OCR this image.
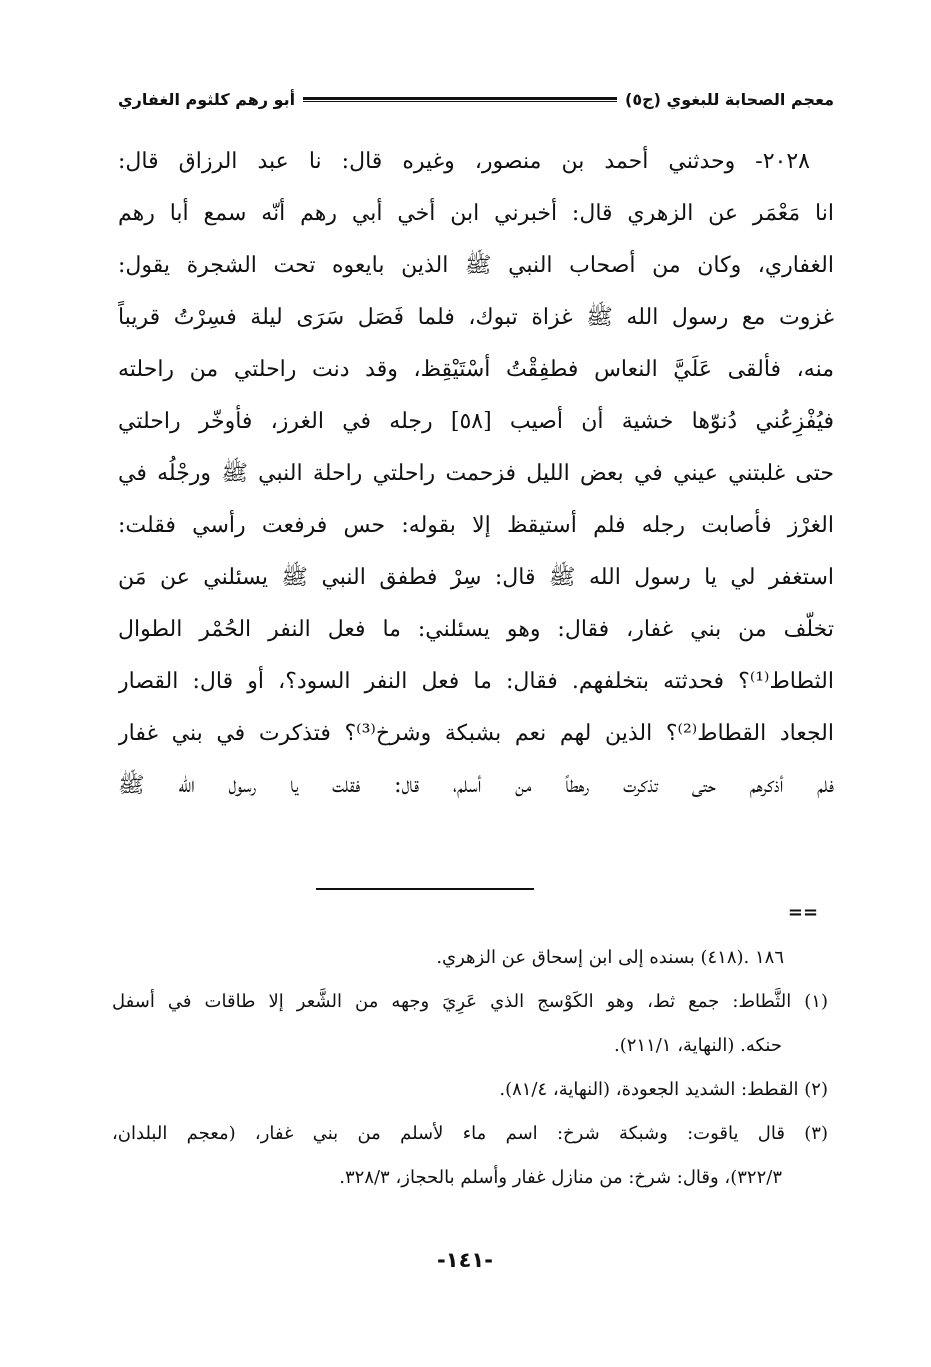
معجم الصحابة للبغوي (ج٥)
أبو رهم كلثوم الغفاري
٢٠٢٨- وحدثني أحمد بن منصور، وغيره قال: نا عبد الرزاق قال:
انا مَعْمَر عن الزهري قال: أخبرني ابن أخي أبي رهم أنّه سمع أبا رهم
الغفاري، وكان من أصحاب النبي ﷺ الذين بايعوه تحت الشجرة يقول:
غزوت مع رسول الله ﷺ غزاة تبوك، فلما فَصَل سَرَى ليلة فسِرْتُ قريباً
منه، فألقى عَلَيَّ النعاس فطفِقْتُ أسْتَيْقِظ، وقد دنت راحلتي من راحلته
فيُفْزِعُني دُنوّها خشية أن أصيب [٥٨] رجله في الغرز، فأوخّر راحلتي
حتى غلبتني عيني في بعض الليل فزحمت راحلتي راحلة النبي ﷺ ورجْلُه في
الغرْز فأصابت رجله فلم أستيقظ إلا بقوله: حس فرفعت رأسي فقلت:
استغفر لي يا رسول الله ﷺ قال: سِرْ فطفق النبي ﷺ يسئلني عن مَن
تخلّف من بني غفار، فقال: وهو يسئلني: ما فعل النفر الحُمْر الطوال
الثطاط⁽¹⁾؟ فحدثته بتخلفهم. فقال: ما فعل النفر السود؟، أو قال: القصار
الجعاد القطاط⁽²⁾؟ الذين لهم نعم بشبكة وشرخ⁽³⁾؟ فتذكرت في بني غفار
فلم أذكرهم حتى تذكرت رهطاً من أسلم، قال: فقلت يا رسول الله ﷺ
==
١٨٦ .(٤١٨) بسنده إلى ابن إسحاق عن الزهري.
(١) الثَّطاط: جمع ثط، وهو الكَوْسج الذي عَرِيَ وجهه من الشَّعر إلا طاقات في أسفل
حنكه. (النهاية، ٢١١/١).
(٢) القطط: الشديد الجعودة، (النهاية، ٨١/٤).
(٣) قال ياقوت: وشبكة شرخ: اسم ماء لأسلم من بني غفار، (معجم البلدان،
٣٢٢/٣)، وقال: شرخ: من منازل غفار وأسلم بالحجاز، ٣٢٨/٣.
-١٤١-
